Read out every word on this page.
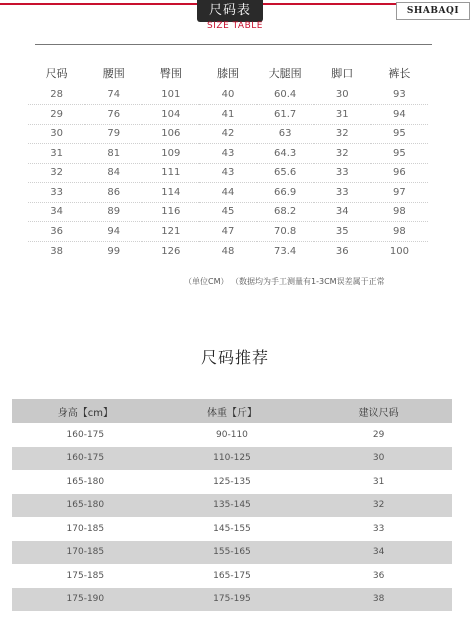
尺码表	SHABAQI
SIZE TABLE
尺码	腰围	臀围	膝围	大腿围	脚口	裤长
28	74	101	40	60.4	30	93
29	76	104	41	61.7	31	94
30	79	106	42	63	32	95
31	81	109	43	64.3	32	95
32	84	111	43	65.6	33	96
33	86	114	44	66.9	33	97
34	89	116	45	68.2	34	98
36	94	121	47	70.8	35	98
38	99	126	48	73.4	36	100
（单位CM） （数据均为手工测量有1-3CM误差属于正常
尺码推荐
身高【cm】	体重【斤】	建议尺码
160-175	90-110	29
160-175	110-125	30
165-180	125-135	31
165-180	135-145	32
170-185	145-155	33
170-185	155-165	34
175-185	165-175	36
175-190	175-195	38
